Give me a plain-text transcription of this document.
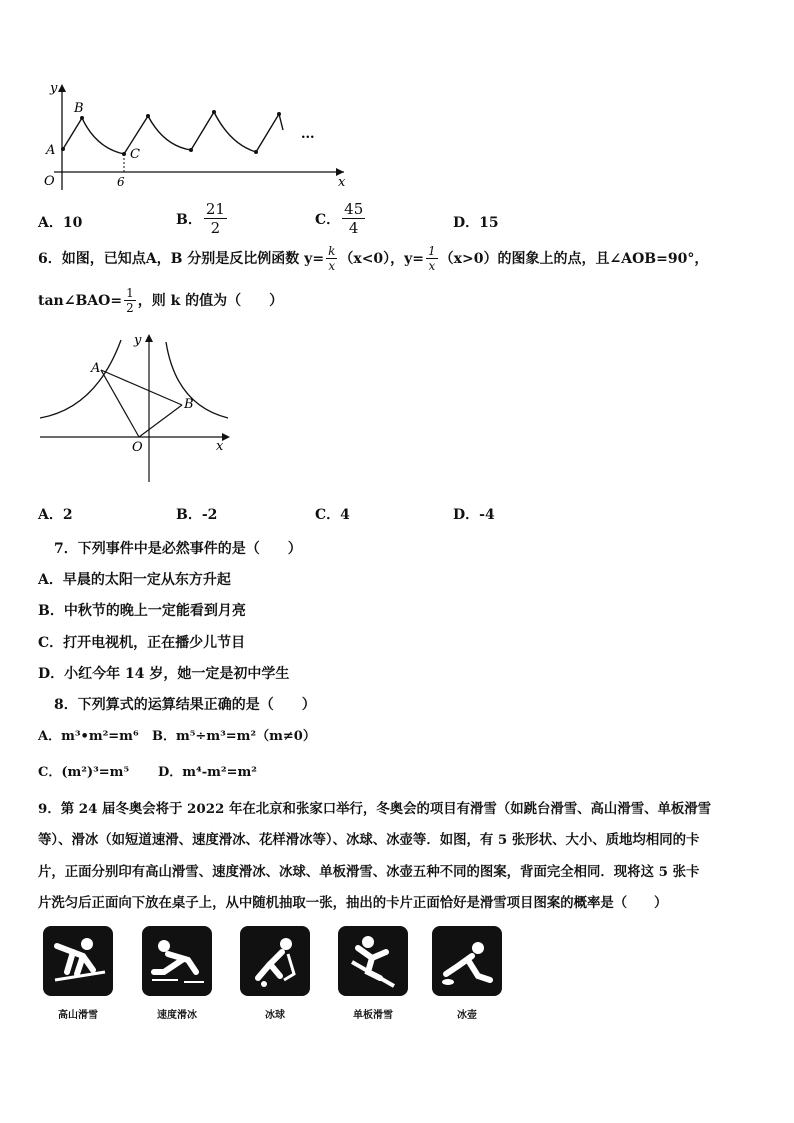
y
x
O
A
B
C
6
...
A．10	B． $\frac{21}{2}$	C． $\frac{45}{4}$	D．15
6．如图，已知点A，B 分别是反比例函数 $y= \frac{k}{x} (x<0)$，$y= \frac{1}{x} (x>0)$的图象上的点，且∠AOB=90°，
tan∠BAO= $\frac{1}{2}$ ，则 k 的值为（　　）
y
x
O
A
B
A．2	B．-2	C．4	D．-4
7．下列事件中是必然事件的是（　　）
A．早晨的太阳一定从东方升起
B．中秋节的晚上一定能看到月亮
C．打开电视机，正在播少儿节目
D．小红今年 14 岁，她一定是初中学生
8．下列算式的运算结果正确的是（　　）
A．m³•m²=m⁶ B．m⁵÷m³=m²（m≠0）
C．(m²)³=m⁵ D．m⁴-m²=m²
9．第 24 届冬奥会将于 2022 年在北京和张家口举行，冬奥会的项目有滑雪（如跳台滑雪、高山滑雪、单板滑雪
等）、滑冰（如短道速滑、速度滑冰、花样滑冰等）、冰球、冰壶等．如图，有 5 张形状、大小、质地均相同的卡
片，正面分别印有高山滑雪、速度滑冰、冰球、单板滑雪、冰壶五种不同的图案，背面完全相同．现将这 5 张卡
片洗匀后正面向下放在桌子上，从中随机抽取一张，抽出的卡片正面恰好是滑雪项目图案的概率是（　　）
高山滑雪	速度滑冰	冰球	单板滑雪	冰壶
